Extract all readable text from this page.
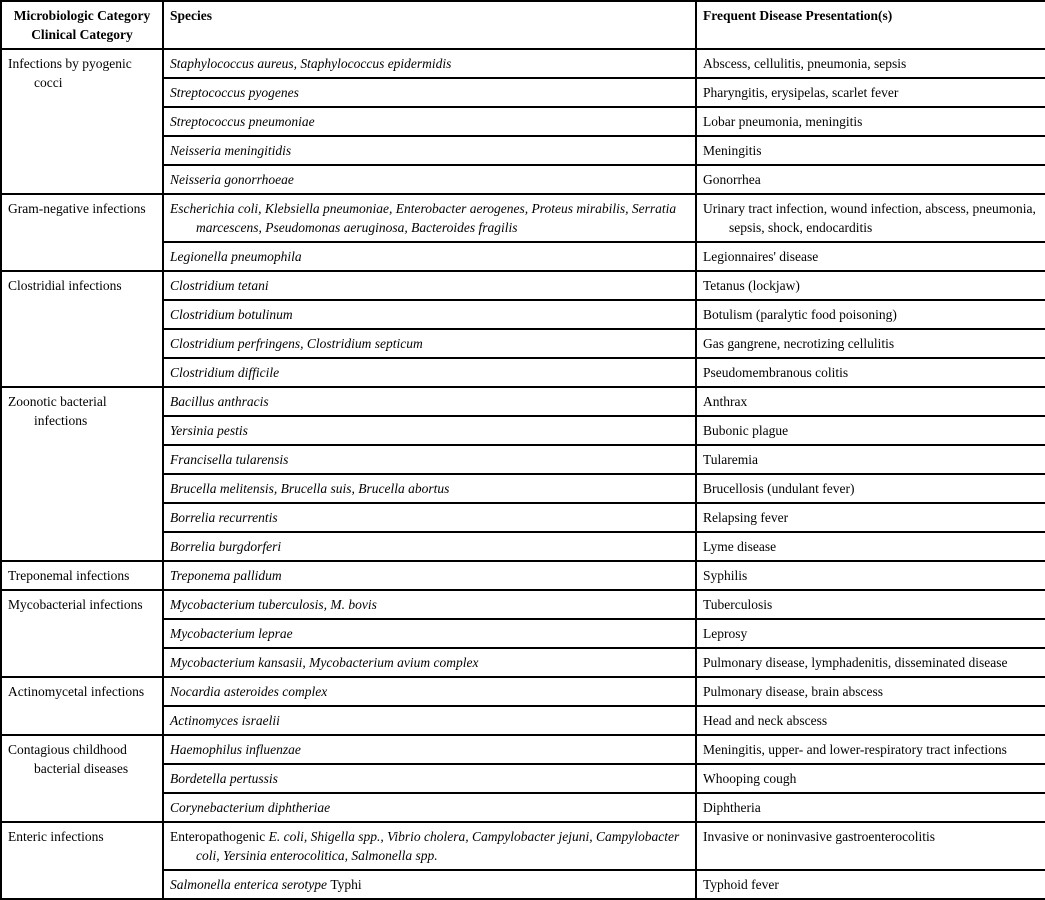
Microbiologic Category
Clinical Category	Species	Frequent Disease Presentation(s)

Infections by pyogenic cocci	Staphylococcus aureus, Staphylococcus epidermidis	Abscess, cellulitis, pneumonia, sepsis

	Streptococcus pyogenes	Pharyngitis, erysipelas, scarlet fever

	Streptococcus pneumoniae	Lobar pneumonia, meningitis

	Neisseria meningitidis	Meningitis

	Neisseria gonorrhoeae	Gonorrhea

Gram-negative infections	Escherichia coli, Klebsiella pneumoniae, Enterobacter aerogenes, Proteus mirabilis, Serratia marcescens, Pseudomonas aeruginosa, Bacteroides fragilis	Urinary tract infection, wound infection, abscess, pneumonia, sepsis, shock, endocarditis

	Legionella pneumophila	Legionnaires' disease

Clostridial infections	Clostridium tetani	Tetanus (lockjaw)

	Clostridium botulinum	Botulism (paralytic food poisoning)

	Clostridium perfringens, Clostridium septicum	Gas gangrene, necrotizing cellulitis

	Clostridium difficile	Pseudomembranous colitis

Zoonotic bacterial infections	Bacillus anthracis	Anthrax

	Yersinia pestis	Bubonic plague

	Francisella tularensis	Tularemia

	Brucella melitensis, Brucella suis, Brucella abortus	Brucellosis (undulant fever)

	Borrelia recurrentis	Relapsing fever

	Borrelia burgdorferi	Lyme disease

Treponemal infections	Treponema pallidum	Syphilis

Mycobacterial infections	Mycobacterium tuberculosis, M. bovis	Tuberculosis

	Mycobacterium leprae	Leprosy

	Mycobacterium kansasii, Mycobacterium avium complex	Pulmonary disease, lymphadenitis, disseminated disease

Actinomycetal infections	Nocardia asteroides complex	Pulmonary disease, brain abscess

	Actinomyces israelii	Head and neck abscess

Contagious childhood bacterial diseases	Haemophilus influenzae	Meningitis, upper- and lower-respiratory tract infections

	Bordetella pertussis	Whooping cough

	Corynebacterium diphtheriae	Diphtheria

Enteric infections	Enteropathogenic E. coli, Shigella spp., Vibrio cholera, Campylobacter jejuni, Campylobacter coli, Yersinia enterocolitica, Salmonella spp.	Invasive or noninvasive gastroenterocolitis

	Salmonella enterica serotype Typhi	Typhoid fever
